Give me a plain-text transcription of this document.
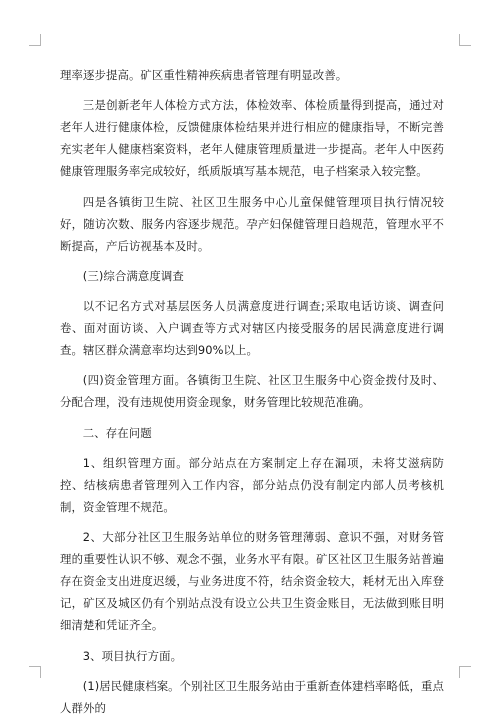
理率逐步提高。矿区重性精神疾病患者管理有明显改善。

三是创新老年人体检方式方法，体检效率、体检质量得到提高，通过对老年人进行健康体检，反馈健康体检结果并进行相应的健康指导，不断完善充实老年人健康档案资料，老年人健康管理质量进一步提高。老年人中医药健康管理服务率完成较好，纸质版填写基本规范，电子档案录入较完整。

四是各镇街卫生院、社区卫生服务中心儿童保健管理项目执行情况较好，随访次数、服务内容逐步规范。孕产妇保健管理日趋规范，管理水平不断提高，产后访视基本及时。

(三)综合满意度调查

以不记名方式对基层医务人员满意度进行调查;采取电话访谈、调查问卷、面对面访谈、入户调查等方式对辖区内接受服务的居民满意度进行调查。辖区群众满意率均达到90%以上。

(四)资金管理方面。各镇街卫生院、社区卫生服务中心资金拨付及时、分配合理，没有违规使用资金现象，财务管理比较规范准确。

二、存在问题

1、组织管理方面。部分站点在方案制定上存在漏项，未将艾滋病防控、结核病患者管理列入工作内容，部分站点仍没有制定内部人员考核机制，资金管理不规范。

2、大部分社区卫生服务站单位的财务管理薄弱、意识不强，对财务管理的重要性认识不够、观念不强，业务水平有限。矿区社区卫生服务站普遍存在资金支出进度迟缓，与业务进度不符，结余资金较大，耗材无出入库登记，矿区及城区仍有个别站点没有设立公共卫生资金账目，无法做到账目明细清楚和凭证齐全。

3、项目执行方面。

(1)居民健康档案。个别社区卫生服务站由于重新查体建档率略低，重点人群外的
